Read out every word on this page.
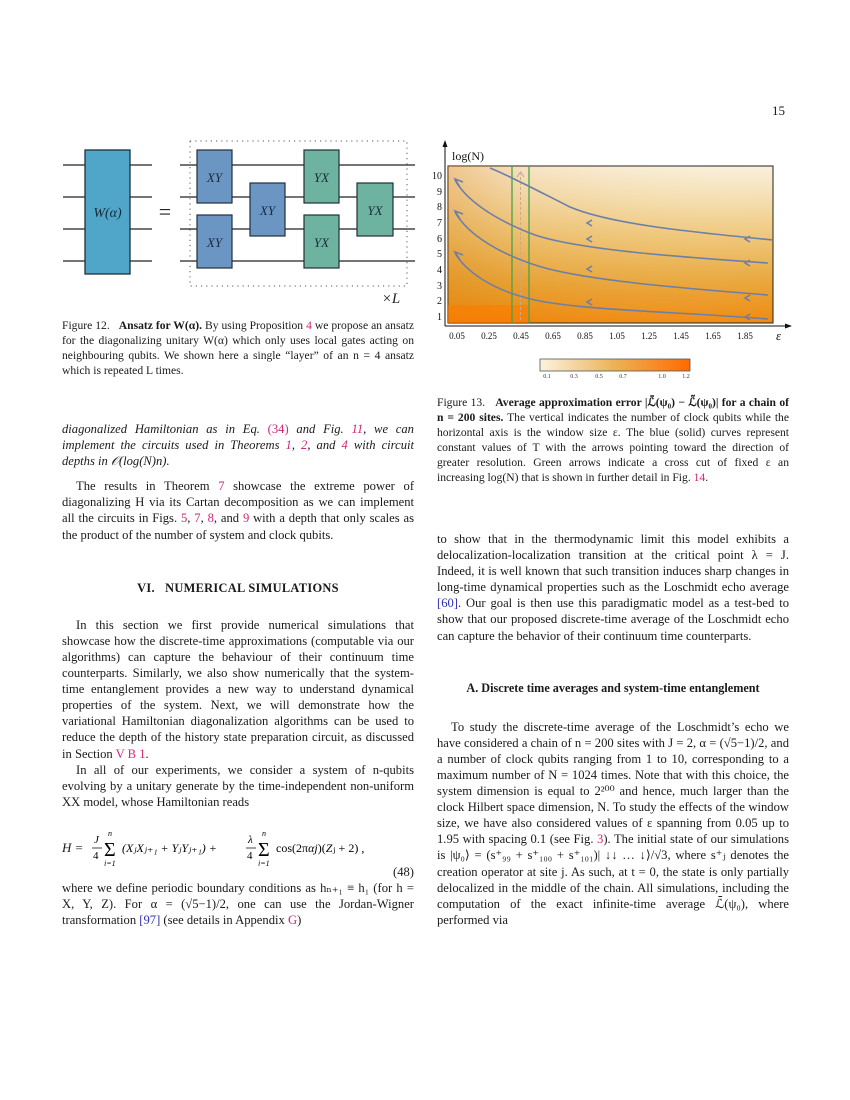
15
W(α) =
XY
XY
XY
YX
YX
YX
×L
Figure 12. Ansatz for W(α). By using Proposition 4 we propose an ansatz for the diagonalizing unitary W(α) which only uses local gates acting on neighbouring qubits. We shown here a single “layer” of an n = 4 ansatz which is repeated L times.

diagonalized Hamiltonian as in Eq. (34) and Fig. 11, we can implement the circuits used in Theorems 1, 2, and 4 with circuit depths in 𝒪(log(N)n).

The results in Theorem 7 showcase the extreme power of diagonalizing H via its Cartan decomposition as we can implement all the circuits in Figs. 5, 7, 8, and 9 with a depth that only scales as the product of the number of system and clock qubits.

VI.   NUMERICAL SIMULATIONS

In this section we first provide numerical simulations that showcase how the discrete-time approximations (computable via our algorithms) can capture the behaviour of their continuum time counterparts. Similarly, we also show numerically that the system-time entanglement provides a new way to understand dynamical properties of the system. Next, we will demonstrate how the variational Hamiltonian diagonalization algorithms can be used to reduce the depth of the history state preparation circuit, as discussed in Section V B 1.

In all of our experiments, we consider a system of n-qubits evolving by a unitary generate by the time-independent non-uniform XX model, whose Hamiltonian reads

H = J
4
n
Σ
j=1
(XⱼXⱼ₊₁ + YⱼYⱼ₊₁) +
λ
4
n
Σ
j=1
cos(2παj)(Zⱼ + 2) ,
(48)

where we define periodic boundary conditions as hₙ₊₁ ≡ h₁ (for h = X, Y, Z). For α = (√5−1)/2, one can use the Jordan-Wigner transformation [97] (see details in Appendix G)

log(N)
ε
1
2
3
4
5
6
7
8
9
10
0.05 0.25 0.45 0.65 0.85 1.05 1.25 1.45 1.65 1.85
0.1	0.3	0.5	0.7	1.0	1.2
Figure 13. Average approximation error |ℒ̄(ψ₀) − ℒ̃(ψ₀)| for a chain of n = 200 sites. The vertical indicates the number of clock qubits while the horizontal axis is the window size ε. The blue (solid) curves represent constant values of T with the arrows pointing toward the direction of greater resolution. Green arrows indicate a cross cut of fixed ε an increasing log(N) that is shown in further detail in Fig. 14.

to show that in the thermodynamic limit this model exhibits a delocalization-localization transition at the critical point λ = J. Indeed, it is well known that such transition induces sharp changes in long-time dynamical properties such as the Loschmidt echo average [60]. Our goal is then use this paradigmatic model as a test-bed to show that our proposed discrete-time average of the Loschmidt echo can capture the behavior of their continuum time counterparts.

A. Discrete time averages and system-time entanglement

To study the discrete-time average of the Loschmidt’s echo we have considered a chain of n = 200 sites with J = 2, α = (√5−1)/2, and a number of clock qubits ranging from 1 to 10, corresponding to a maximum number of N = 1024 times. Note that with this choice, the system dimension is equal to 2²⁰⁰ and hence, much larger than the clock Hilbert space dimension, N. To study the effects of the window size, we have also considered values of ε spanning from 0.05 up to 1.95 with spacing 0.1 (see Fig. 3). The initial state of our simulations is |ψ₀⟩ = (s⁺₉₉ + s⁺₁₀₀ + s⁺₁₀₁)| ↓↓ … ↓⟩/√3, where s⁺ⱼ denotes the creation operator at site j. As such, at t = 0, the state is only partially delocalized in the middle of the chain. All simulations, including the computation of the exact infinite-time average ℒ̄(ψ₀), where performed via
